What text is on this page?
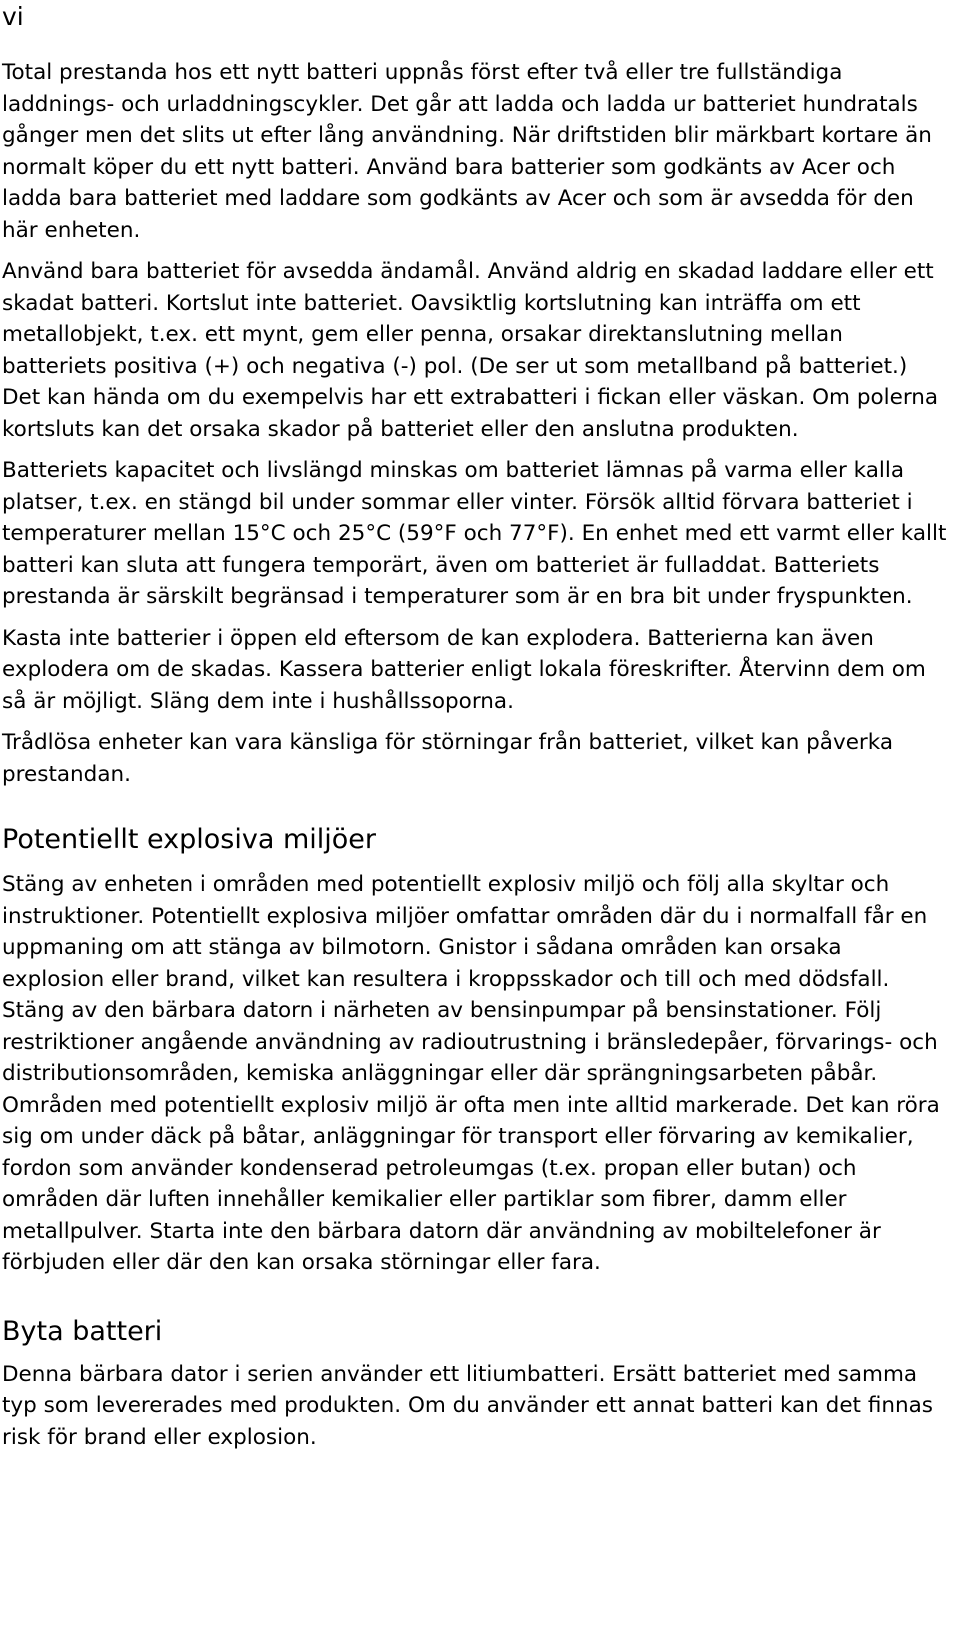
vi

Total prestanda hos ett nytt batteri uppnås först efter två eller tre fullständiga laddnings- och urladdningscykler. Det går att ladda och ladda ur batteriet hundratals gånger men det slits ut efter lång användning. När driftstiden blir märkbart kortare än normalt köper du ett nytt batteri. Använd bara batterier som godkänts av Acer och ladda bara batteriet med laddare som godkänts av Acer och som är avsedda för den här enheten.

Använd bara batteriet för avsedda ändamål. Använd aldrig en skadad laddare eller ett skadat batteri. Kortslut inte batteriet. Oavsiktlig kortslutning kan inträffa om ett metallobjekt, t.ex. ett mynt, gem eller penna, orsakar direktanslutning mellan batteriets positiva (+) och negativa (-) pol. (De ser ut som metallband på batteriet.) Det kan hända om du exempelvis har ett extrabatteri i fickan eller väskan. Om polerna kortsluts kan det orsaka skador på batteriet eller den anslutna produkten.

Batteriets kapacitet och livslängd minskas om batteriet lämnas på varma eller kalla platser, t.ex. en stängd bil under sommar eller vinter. Försök alltid förvara batteriet i temperaturer mellan 15°C och 25°C (59°F och 77°F). En enhet med ett varmt eller kallt batteri kan sluta att fungera temporärt, även om batteriet är fulladdat. Batteriets prestanda är särskilt begränsad i temperaturer som är en bra bit under fryspunkten.

Kasta inte batterier i öppen eld eftersom de kan explodera. Batterierna kan även explodera om de skadas. Kassera batterier enligt lokala föreskrifter. Återvinn dem om så är möjligt. Släng dem inte i hushållssoporna.

Trådlösa enheter kan vara känsliga för störningar från batteriet, vilket kan påverka prestandan.

Potentiellt explosiva miljöer

Stäng av enheten i områden med potentiellt explosiv miljö och följ alla skyltar och instruktioner. Potentiellt explosiva miljöer omfattar områden där du i normalfall får en uppmaning om att stänga av bilmotorn. Gnistor i sådana områden kan orsaka explosion eller brand, vilket kan resultera i kroppsskador och till och med dödsfall. Stäng av den bärbara datorn i närheten av bensinpumpar på bensinstationer. Följ restriktioner angående användning av radioutrustning i bränsledepåer, förvarings- och distributionsområden, kemiska anläggningar eller där sprängningsarbeten påbår. Områden med potentiellt explosiv miljö är ofta men inte alltid markerade. Det kan röra sig om under däck på båtar, anläggningar för transport eller förvaring av kemikalier, fordon som använder kondenserad petroleumgas (t.ex. propan eller butan) och områden där luften innehåller kemikalier eller partiklar som fibrer, damm eller metallpulver. Starta inte den bärbara datorn där användning av mobiltelefoner är förbjuden eller där den kan orsaka störningar eller fara.

Byta batteri

Denna bärbara dator i serien använder ett litiumbatteri. Ersätt batteriet med samma typ som levererades med produkten. Om du använder ett annat batteri kan det finnas risk för brand eller explosion.
